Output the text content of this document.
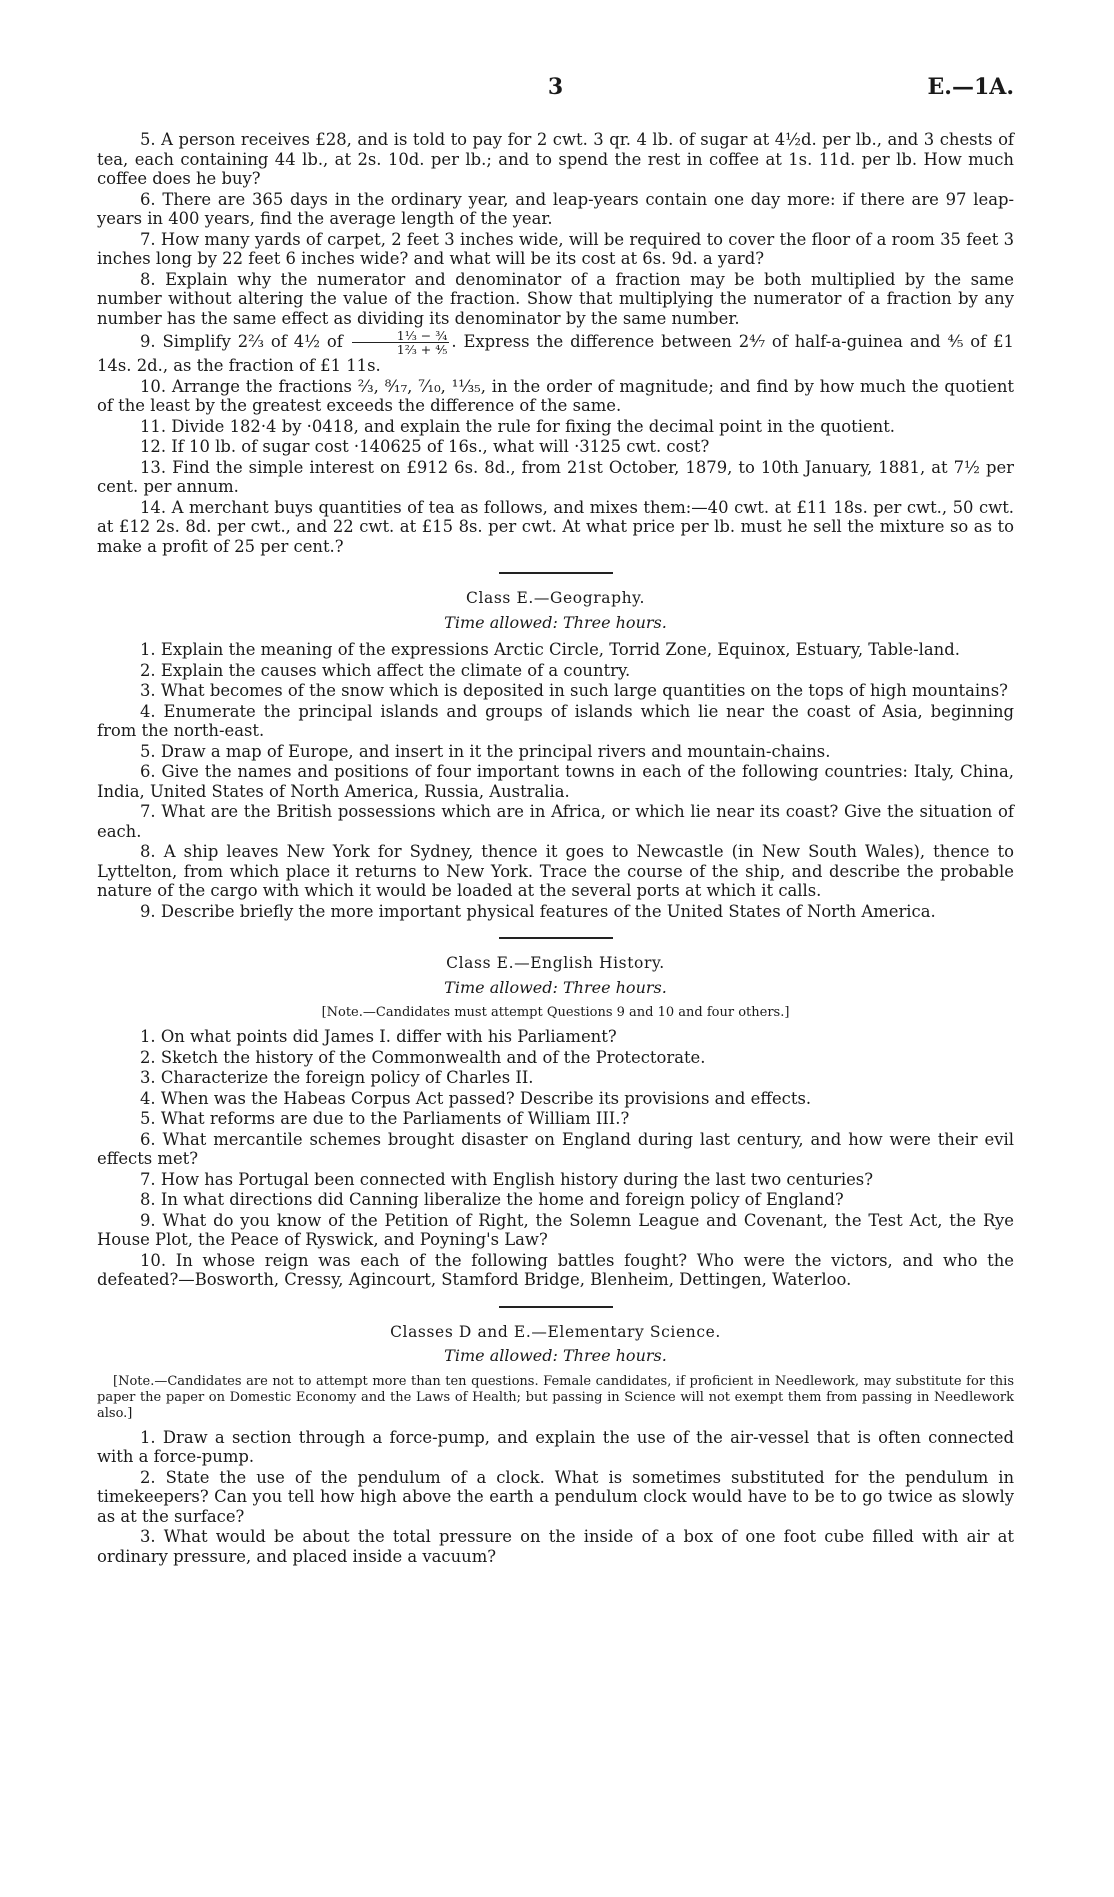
3	E.—1A.

5. A person receives £28, and is told to pay for 2 cwt. 3 qr. 4 lb. of sugar at 4½d. per lb., and 3 chests of tea, each containing 44 lb., at 2s. 10d. per lb.; and to spend the rest in coffee at 1s. 11d. per lb. How much coffee does he buy?

6. There are 365 days in the ordinary year, and leap-years contain one day more: if there are 97 leap-years in 400 years, find the average length of the year.

7. How many yards of carpet, 2 feet 3 inches wide, will be required to cover the floor of a room 35 feet 3 inches long by 22 feet 6 inches wide? and what will be its cost at 6s. 9d. a yard?

8. Explain why the numerator and denominator of a fraction may be both multiplied by the same number without altering the value of the fraction. Show that multiplying the numerator of a fraction by any number has the same effect as dividing its denominator by the same number.

9. Simplify 2⅔ of 4½ of $\frac{\text{1⅓ − ¾}}{\text{1⅔ + ⅘}}$ . Express the difference between 2⁴⁄₇ of half-a-guinea and ⁴⁄₅ of £1 14s. 2d., as the fraction of £1 11s.

10. Arrange the fractions ⅔, ⁸⁄₁₇, ⁷⁄₁₀, ¹¹⁄₃₅, in the order of magnitude; and find by how much the quotient of the least by the greatest exceeds the difference of the same.

11. Divide 182·4 by ·0418, and explain the rule for fixing the decimal point in the quotient.

12. If 10 lb. of sugar cost ·140625 of 16s., what will ·3125 cwt. cost?

13. Find the simple interest on £912 6s. 8d., from 21st October, 1879, to 10th January, 1881, at 7½ per cent. per annum.

14. A merchant buys quantities of tea as follows, and mixes them:—40 cwt. at £11 18s. per cwt., 50 cwt. at £12 2s. 8d. per cwt., and 22 cwt. at £15 8s. per cwt. At what price per lb. must he sell the mixture so as to make a profit of 25 per cent.?

Class E.—Geography.
Time allowed: Three hours.

1. Explain the meaning of the expressions Arctic Circle, Torrid Zone, Equinox, Estuary, Table-land.

2. Explain the causes which affect the climate of a country.

3. What becomes of the snow which is deposited in such large quantities on the tops of high mountains?

4. Enumerate the principal islands and groups of islands which lie near the coast of Asia, beginning from the north-east.

5. Draw a map of Europe, and insert in it the principal rivers and mountain-chains.

6. Give the names and positions of four important towns in each of the following countries: Italy, China, India, United States of North America, Russia, Australia.

7. What are the British possessions which are in Africa, or which lie near its coast? Give the situation of each.

8. A ship leaves New York for Sydney, thence it goes to Newcastle (in New South Wales), thence to Lyttelton, from which place it returns to New York. Trace the course of the ship, and describe the probable nature of the cargo with which it would be loaded at the several ports at which it calls.

9. Describe briefly the more important physical features of the United States of North America.

Class E.—English History.
Time allowed: Three hours.
[Note.—Candidates must attempt Questions 9 and 10 and four others.]

1. On what points did James I. differ with his Parliament?

2. Sketch the history of the Commonwealth and of the Protectorate.

3. Characterize the foreign policy of Charles II.

4. When was the Habeas Corpus Act passed? Describe its provisions and effects.

5. What reforms are due to the Parliaments of William III.?

6. What mercantile schemes brought disaster on England during last century, and how were their evil effects met?

7. How has Portugal been connected with English history during the last two centuries?

8. In what directions did Canning liberalize the home and foreign policy of England?

9. What do you know of the Petition of Right, the Solemn League and Covenant, the Test Act, the Rye House Plot, the Peace of Ryswick, and Poyning's Law?

10. In whose reign was each of the following battles fought? Who were the victors, and who the defeated?—Bosworth, Cressy, Agincourt, Stamford Bridge, Blenheim, Dettingen, Waterloo.

Classes D and E.—Elementary Science.
Time allowed: Three hours.
[Note.—Candidates are not to attempt more than ten questions. Female candidates, if proficient in Needlework, may substitute for this paper the paper on Domestic Economy and the Laws of Health; but passing in Science will not exempt them from passing in Needlework also.]

1. Draw a section through a force-pump, and explain the use of the air-vessel that is often connected with a force-pump.

2. State the use of the pendulum of a clock. What is sometimes substituted for the pendulum in timekeepers? Can you tell how high above the earth a pendulum clock would have to be to go twice as slowly as at the surface?

3. What would be about the total pressure on the inside of a box of one foot cube filled with air at ordinary pressure, and placed inside a vacuum?
